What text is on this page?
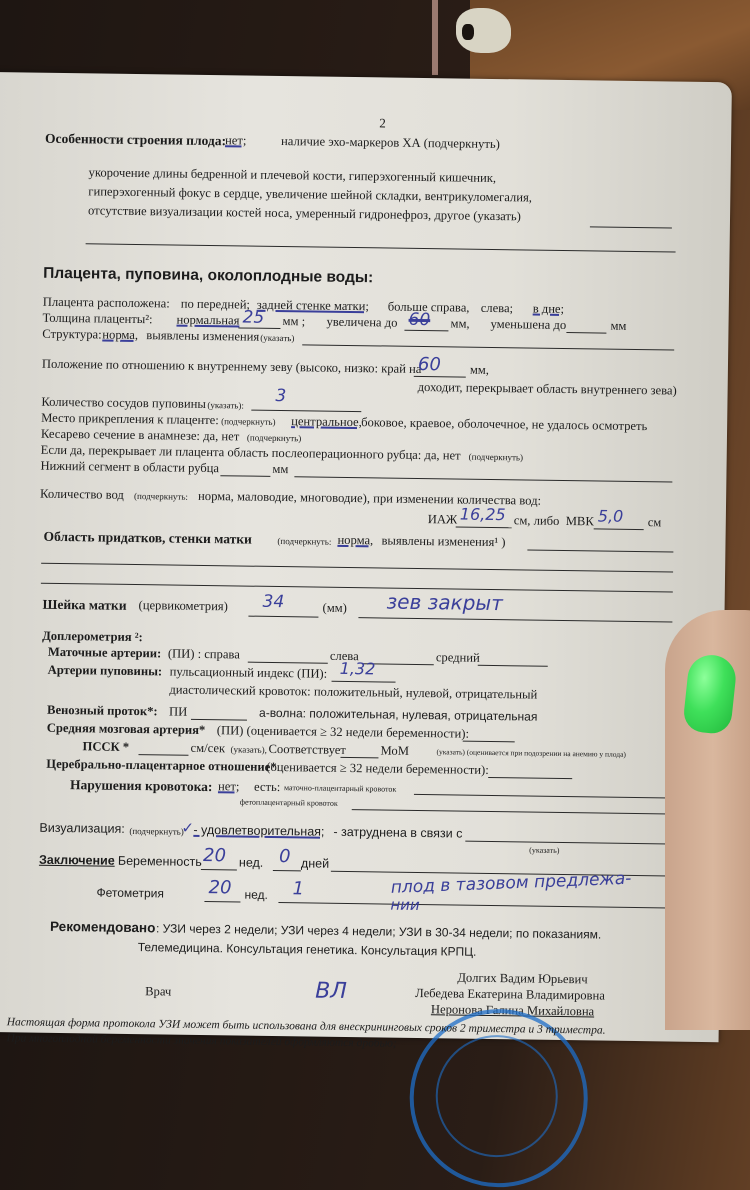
2
Особенности строения плода:
нет;	наличие эхо-маркеров ХА (подчеркнуть)
укорочение длины бедренной и плечевой кости, гиперэхогенный кишечник,
гиперэхогенный фокус в сердце, увеличение шейной складки, вентрикуломегалия,
отсутствие визуализации костей носа, умеренный гидронефроз, другое (указать)
Плацента, пуповина, околоплодные воды:
Плацента расположена: по передней; задней стенке матки; больше справа, слева; в дне;
Толщина плаценты²: нормальная 25 мм ; увеличена до 60 мм, уменьшена до	мм
Структура: норма, выявлены изменения (указать)
Положение по отношению к внутреннему зеву (высоко, низко: край на
60 мм,
доходит, перекрывает область внутреннего зева)
Количество сосудов пуповины (указать): 3
Место прикрепления к плаценте: (подчеркнуть) центральное, боковое, краевое, оболочечное, не удалось осмотреть
Кесарево сечение в анамнезе: да, нет (подчеркнуть)
Если да, перекрывает ли плацента область послеоперационного рубца: да, нет (подчеркнуть)
Нижний сегмент в области рубца	мм
Количество вод (подчеркнуть: норма, маловодие, многоводие), при изменении количества вод:
ИАЖ 16,25 см, либо МВК 5,0 см
Область придатков, стенки матки	(подчеркнуть: норма, выявлены изменения¹ )
Шейка матки (цервикометрия) 34	(мм) зев закрыт
Доплерометрия ²:
Маточные артерии: (ПИ) : справа	слева	средний
Артерии пуповины: пульсационный индекс (ПИ): 1,32
диастолический кровоток: положительный, нулевой, отрицательный
Венозный проток*: ПИ	а-волна: положительная, нулевая, отрицательная
Средняя мозговая артерия* (ПИ) (оценивается ≥ 32 недели беременности):
ПССК *	см/сек (указать), Соответствует	МоМ	(указать) (оценивается при подозрении на анемию у плода)
Церебрально-плацентарное отношение*
(оценивается ≥ 32 недели беременности):
Нарушения кровотока: нет; есть: маточно-плацентарный кровоток
фетоплацентарный кровоток
Визуализация: (подчеркнуть)
✓ - удовлетворительная; - затруднена в связи с
(указать)
Заключение
: Беременность 20 нед. 0 дней
Фетометрия 20 нед. 1	плод в тазовом предлежа-
нии
Рекомендовано : УЗИ через 2 недели; УЗИ через 4 недели; УЗИ в 30-34 недели; по показаниям.
Телемедицина. Консультация генетика. Консультация КРПЦ.
Врач	ВЛ
Долгих Вадим Юрьевич
Лебедева Екатерина Владимировна
Неронова Галина Михайловна
Настоящая форма протокола УЗИ может быть использована для внескрининговых сроков 2 триместра и 3 триместра.
При многоплодной беременности значения показателей оформляются дробью;
